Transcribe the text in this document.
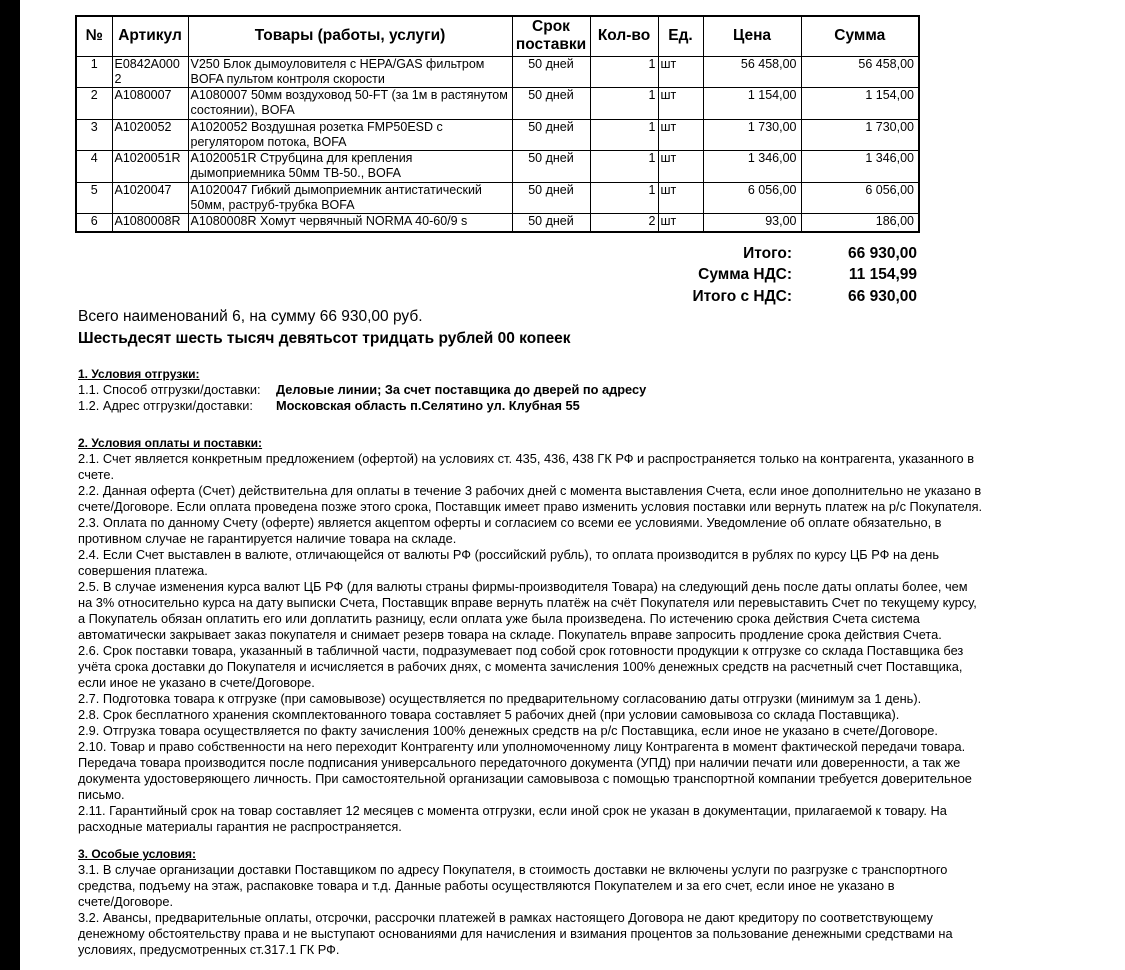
№	Артикул	Товары (работы, услуги)	Срок поставки	Кол-во	Ед.	Цена	Сумма
1	E0842A0002	V250 Блок дымоуловителя с HEPA/GAS фильтром BOFA пультом контроля скорости	50 дней	1	шт	56 458,00	56 458,00
2	A1080007	A1080007 50мм воздуховод 50-FT (за 1м в растянутом состоянии), BOFA	50 дней	1	шт	1 154,00	1 154,00
3	A1020052	A1020052 Воздушная розетка FMP50ESD с регулятором потока, BOFA	50 дней	1	шт	1 730,00	1 730,00
4	A1020051R	A1020051R Струбцина для крепления дымоприемника 50мм TB-50., BOFA	50 дней	1	шт	1 346,00	1 346,00
5	A1020047	A1020047 Гибкий дымоприемник антистатический 50мм, раструб-трубка BOFA	50 дней	1	шт	6 056,00	6 056,00
6	A1080008R	A1080008R Хомут червячный NORMA 40-60/9 s	50 дней	2	шт	93,00	186,00
Итого:	66 930,00
Сумма НДС:	11 154,99
Итого с НДС:	66 930,00
Всего наименований 6, на сумму 66 930,00 руб.
Шестьдесят шесть тысяч девятьсот тридцать рублей 00 копеек
1. Условия отгрузки:
1.1. Способ отгрузки/доставки:	Деловые линии; За счет поставщика до дверей по адресу
1.2. Адрес отгрузки/доставки:	Московская область п.Селятино ул. Клубная 55
2. Условия оплаты и поставки:
2.1. Счет является конкретным предложением (офертой) на условиях ст. 435, 436, 438 ГК РФ и распространяется только на контрагента, указанного в
счете.
2.2. Данная оферта (Счет) действительна для оплаты в течение 3 рабочих дней с момента выставления Счета, если иное дополнительно не указано в
счете/Договоре. Если оплата проведена позже этого срока, Поставщик имеет право изменить условия поставки или вернуть платеж на р/с Покупателя.
2.3. Оплата по данному Счету (оферте) является акцептом оферты и согласием со всеми ее условиями. Уведомление об оплате обязательно, в
противном случае не гарантируется наличие товара на складе.
2.4. Если Счет выставлен в валюте, отличающейся от валюты РФ (российский рубль), то оплата производится в рублях по курсу ЦБ РФ на день
совершения платежа.
2.5. В случае изменения курса валют ЦБ РФ (для валюты страны фирмы-производителя Товара) на следующий день после даты оплаты более, чем
на 3% относительно курса на дату выписки Счета, Поставщик вправе вернуть платёж на счёт Покупателя или перевыставить Счет по текущему курсу,
а Покупатель обязан оплатить его или доплатить разницу, если оплата уже была произведена. По истечению срока действия Счета система
автоматически закрывает заказ покупателя и снимает резерв товара на складе. Покупатель вправе запросить продление срока действия Счета.
2.6. Срок поставки товара, указанный в табличной части, подразумевает под собой срок готовности продукции к отгрузке со склада Поставщика без
учёта срока доставки до Покупателя и исчисляется в рабочих днях, с момента зачисления 100% денежных средств на расчетный счет Поставщика,
если иное не указано в счете/Договоре.
2.7. Подготовка товара к отгрузке (при самовывозе) осуществляется по предварительному согласованию даты отгрузки (минимум за 1 день).
2.8. Срок бесплатного хранения скомплектованного товара составляет 5 рабочих дней (при условии самовывоза со склада Поставщика).
2.9. Отгрузка товара осуществляется по факту зачисления 100% денежных средств на р/с Поставщика, если иное не указано в счете/Договоре.
2.10. Товар и право собственности на него переходит Контрагенту или уполномоченному лицу Контрагента в момент фактической передачи товара.
Передача товара производится после подписания универсального передаточного документа (УПД) при наличии печати или доверенности, а так же
документа удостоверяющего личность. При самостоятельной организации самовывоза с помощью транспортной компании требуется доверительное
письмо.
2.11. Гарантийный срок на товар составляет 12 месяцев с момента отгрузки, если иной срок не указан в документации, прилагаемой к товару. На
расходные материалы гарантия не распространяется.
3. Особые условия:
3.1. В случае организации доставки Поставщиком по адресу Покупателя, в стоимость доставки не включены услуги по разгрузке с транспортного
средства, подъему на этаж, распаковке товара и т.д. Данные работы осуществляются Покупателем и за его счет, если иное не указано в
счете/Договоре.
3.2. Авансы, предварительные оплаты, отсрочки, рассрочки платежей в рамках настоящего Договора не дают кредитору по соответствующему
денежному обстоятельству права и не выступают основаниями для начисления и взимания процентов за пользование денежными средствами на
условиях, предусмотренных ст.317.1 ГК РФ.
